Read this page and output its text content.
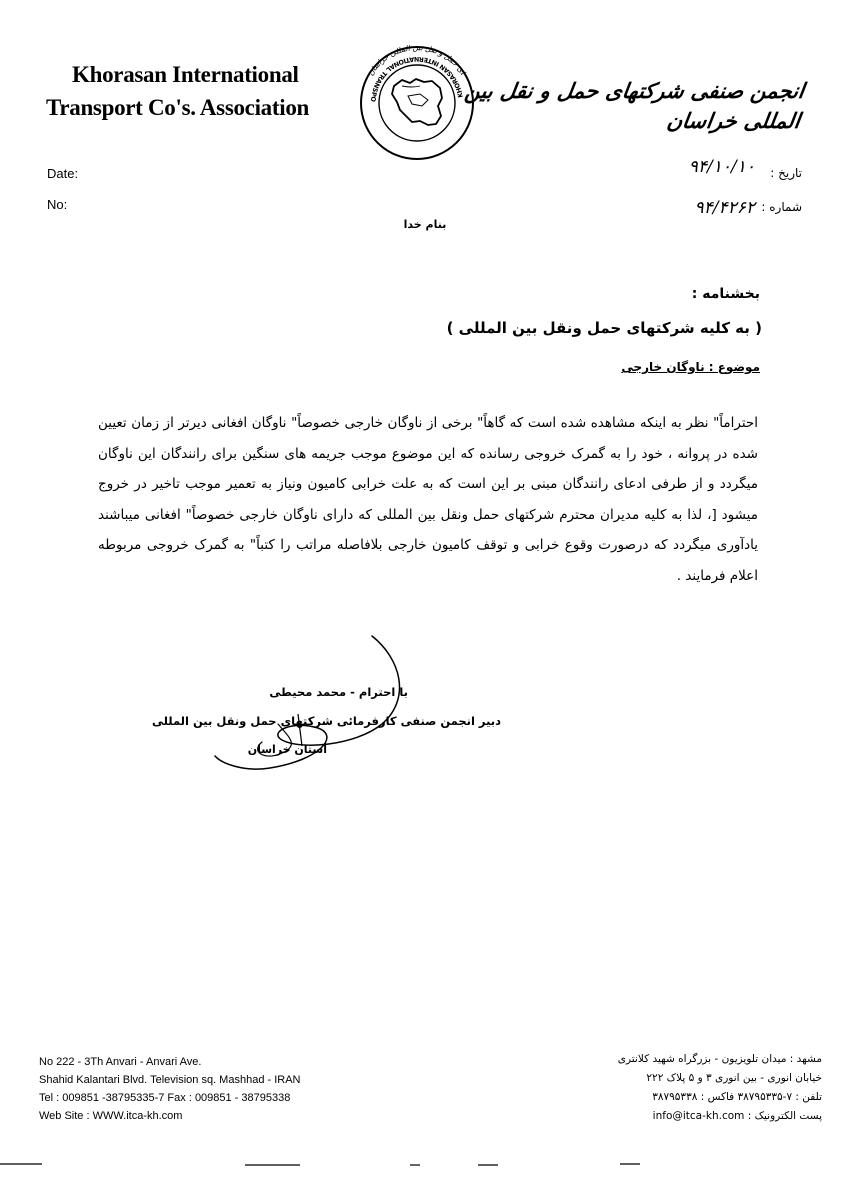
Khorasan International
Transport Co's. Association	KHORASAN INTERNATIONAL TRANSPO
ای حمل و نقل بین المللی خراسان
انجمن صنفی شرکتهای حمل و نقل بین المللی خراسان
Date:
No:
تاریخ :
۹۴/۱۰/۱۰
شماره :
۹۴/۴۲۶۲
بنام خدا
بخشنامه :
( به کلیه شرکتهای حمل ونقل بین المللی )
موضوع : ناوگان خارجی
احتراماً" نظر به اینکه مشاهده شده است که گاهاً" برخی از ناوگان خارجی خصوصاً" ناوگان افغانی دیرتر از زمان تعیین شده در پروانه ، خود را به گمرک خروجی رسانده که این موضوع موجب جریمه های سنگین برای رانندگان این ناوگان میگردد و از طرفی ادعای رانندگان مبنی بر این است که به علت خرابی کامیون ونیاز به تعمیر موجب تاخیر در خروج میشود [، لذا به کلیه مدیران محترم شرکتهای حمل ونقل بین المللی که دارای ناوگان خارجی خصوصاً" افغانی میباشند یادآوری میگردد که درصورت وقوع خرابی و توقف کامیون خارجی بلافاصله مراتب را کتباً" به گمرک خروجی مربوطه اعلام فرمایند .
با احترام - محمد محیطی
دبیر انجمن صنفی کارفرمائی شرکتهای حمل ونقل بین المللی
استان خراسان
No 222 - 3Th Anvari - Anvari Ave.
Shahid Kalantari Blvd. Television sq. Mashhad - IRAN
Tel : 009851 -38795335-7 Fax : 009851 - 38795338
Web Site : WWW.itca-kh.com
مشهد : میدان تلویزیون - بزرگراه شهید کلانتری
خیابان انوری - بین انوری ۳ و ۵ پلاک ۲۲۲
تلفن : ۷-۳۸۷۹۵۳۳۵ فاکس : ۳۸۷۹۵۳۳۸
پست الکترونیک : info@itca-kh.com
